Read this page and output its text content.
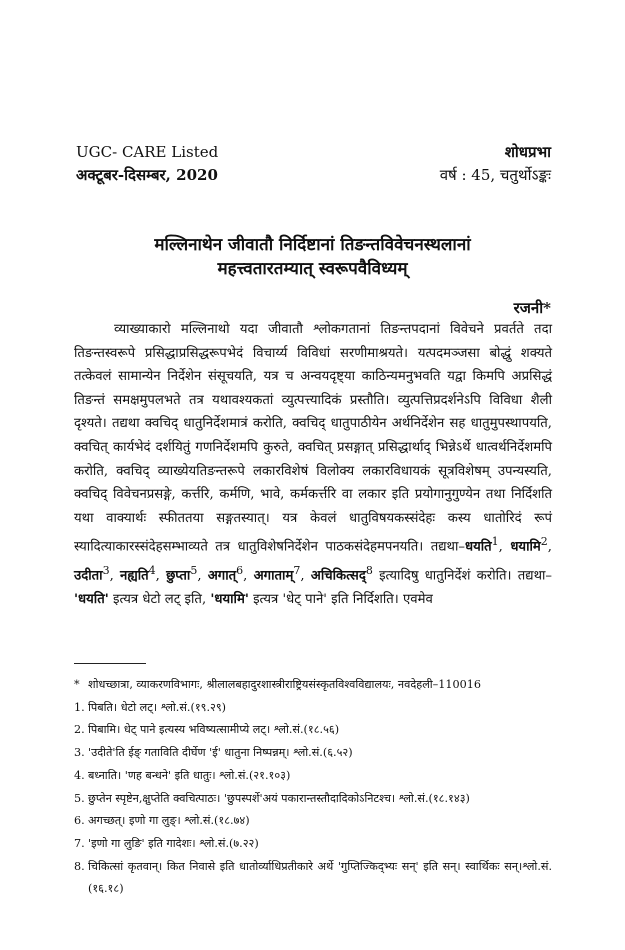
UGC- CARE Listed
अक्टूबर-दिसम्बर, 2020
शोधप्रभा
वर्ष : 45, चतुर्थोऽङ्कः
मल्लिनाथेन जीवातौ निर्दिष्टानां तिङन्तविवेचनस्थलानां
महत्त्वतारतम्यात् स्वरूपवैविध्यम्
रजनी*

व्याख्याकारो मल्लिनाथो यदा जीवातौ श्लोकगतानां तिङन्तपदानां विवेचने प्रवर्तते तदा तिङन्तस्वरूपे प्रसिद्धाप्रसिद्धरूपभेदं विचार्य्य विविधां सरणीमाश्रयते। यत्पदमञ्जसा बोद्धुं शक्यते तत्केवलं सामान्येन निर्देशेन संसूचयति, यत्र च अन्वयदृष्ट्या काठिन्यमनुभवति यद्वा किमपि अप्रसिद्धं तिङन्तं समक्षमुपलभते तत्र यथावश्यकतां व्युत्पत्त्यादिकं प्रस्तौति। व्युत्पत्तिप्रदर्शनेऽपि विविधा शैली दृश्यते। तद्यथा क्वचिद् धातुनिर्देशमात्रं करोति, क्वचिद् धातुपाठीयेन अर्थनिर्देशेन सह धातुमुपस्थापयति, क्वचित् कार्यभेदं दर्शयितुं गणनिर्देशमपि कुरुते, क्वचित् प्रसङ्गात् प्रसिद्धार्थाद् भिन्नेऽर्थे धात्वर्थनिर्देशमपि करोति, क्वचिद् व्याख्येयतिङन्तरूपे लकारविशेषं विलोक्य लकारविधायकं सूत्रविशेषम् उपन्यस्यति, क्वचिद् विवेचनप्रसङ्गे, कर्त्तरि, कर्मणि, भावे, कर्मकर्त्तरि वा लकार इति प्रयोगानुगुण्येन तथा निर्दिशति यथा वाक्यार्थः स्फीततया सङ्गतस्यात्। यत्र केवलं धातुविषयकस्संदेहः कस्य धातोरिदं रूपं स्यादित्याकारस्संदेहसम्भाव्यते तत्र धातुविशेषनिर्देशेन पाठकसंदेहमपनयति। तद्यथा–धयति$^1$, धयामि$^2$, उदीता$^3$, नह्यति$^4$, छुप्ता$^5$, अगात्$^6$, अगाताम्$^7$, अचिकित्सद्$^8$ इत्यादिषु धातुनिर्देशं करोति। तद्यथा– 'धयति' इत्यत्र धेटो लट् इति, 'धयामि' इत्यत्र 'धेट् पाने' इति निर्दिशति। एवमेव

* शोधच्छात्रा, व्याकरणविभागः, श्रीलालबहादुरशास्त्रीराष्ट्रियसंस्कृतविश्वविद्यालयः, नवदेहली–110016
1. पिबति। धेटो लट्। श्लो.सं.(१९.२९)
2. पिबामि। धेट् पाने इत्यस्य भविष्यत्सामीप्ये लट्। श्लो.सं.(१८.५६)
3. 'उदीते'ति ईङ् गताविति दीर्घेण 'ई' धातुना निष्पन्नम्। श्लो.सं.(६.५२)
4. बध्नाति। 'णह बन्धने' इति धातुः। श्लो.सं.(२१.१०३)
5. छुप्तेन स्पृष्टेन,क्षुप्तेति क्वचित्पाठः। 'छुपस्पर्शे'अयं पकारान्तस्तौदादिकोऽनिटश्च। श्लो.सं.(१८.१४३)
6. अगच्छत्। इणो गा लुङ्। श्लो.सं.(१८.७४)
7. 'इणो गा लुङि' इति गादेशः। श्लो.सं.(७.२२)
8. चिकित्सां कृतवान्। कित निवासे इति धातोर्व्याधिप्रतीकारे अर्थे 'गुप्तिज्किद्भ्यः सन्' इति सन्। स्वार्थिकः सन्।श्लो.सं.(१६.१८)
